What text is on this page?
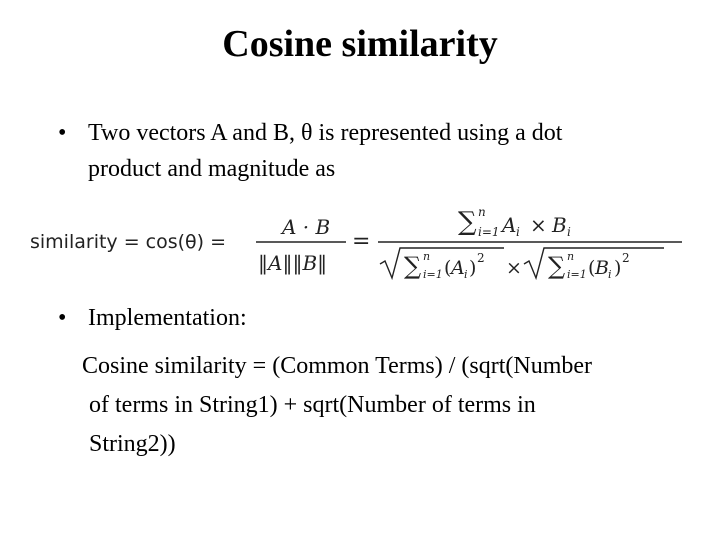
Cosine similarity
• Two vectors A and B, θ is represented using a dot
product and magnitude as
similarity = cos(θ) =
A · B
‖A‖‖B‖
=
∑ n
i=1 A i × B i
∑ n
i=1 ( A i ) 2 × ∑ n
i=1 ( B i ) 2
• Implementation:
Cosine similarity = (Common Terms) / (sqrt(Number
of terms in String1) + sqrt(Number of terms in
String2))
